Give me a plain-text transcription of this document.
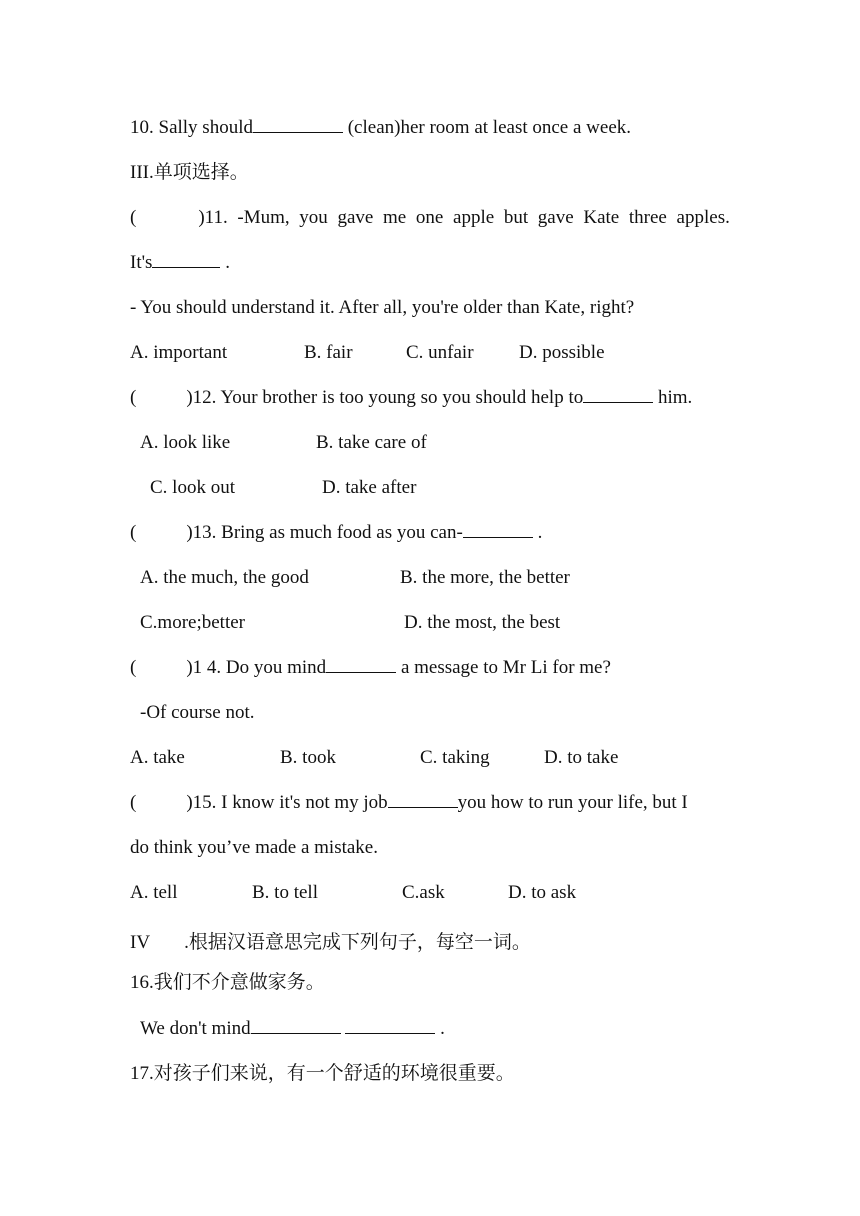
10. Sally should	(clean)her room at least once a week.
III.单项选择。
(	)11. -Mum, you gave me one apple but gave Kate three apples.
It's	.
- You should understand it. After all, you're older than Kate, right?
A. important	B. fair	C. unfair D. possible
(	)12. Your brother is too young so you should help to	him.
A. look like	B. take care of
C. look out	D. take after
(	)13. Bring as much food as you can-	.
A. the much, the good	B. the more, the better
C.more;better	D. the most, the best
(	)1 4. Do you mind	a message to Mr Li for me?
-Of course not.
A. take	B. took	C. taking	D. to take
(	)15. I know it's not my job	you how to run your life, but I
do think you’ve made a mistake.
A. tell	B. to tell	C.ask	D. to ask
IV .根据汉语意思完成下列句子，每空一词。
16.我们不介意做家务。
We don't mind	.
17.对孩子们来说，有一个舒适的环境很重要。
